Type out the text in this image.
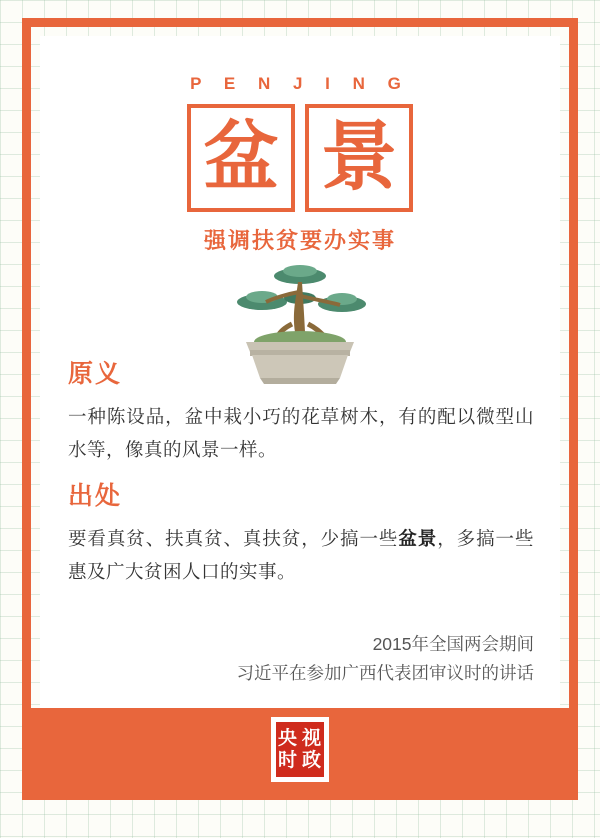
P E N J I N G
盆 景
强调扶贫要办实事
原义
一种陈设品，盆中栽小巧的花草树木，有的配以微型山水等，像真的风景一样。
出处
要看真贫、扶真贫、真扶贫，少搞一些盆景，多搞一些惠及广大贫困人口的实事。
2015年全国两会期间
习近平在参加广西代表团审议时的讲话
央 视
时 政
